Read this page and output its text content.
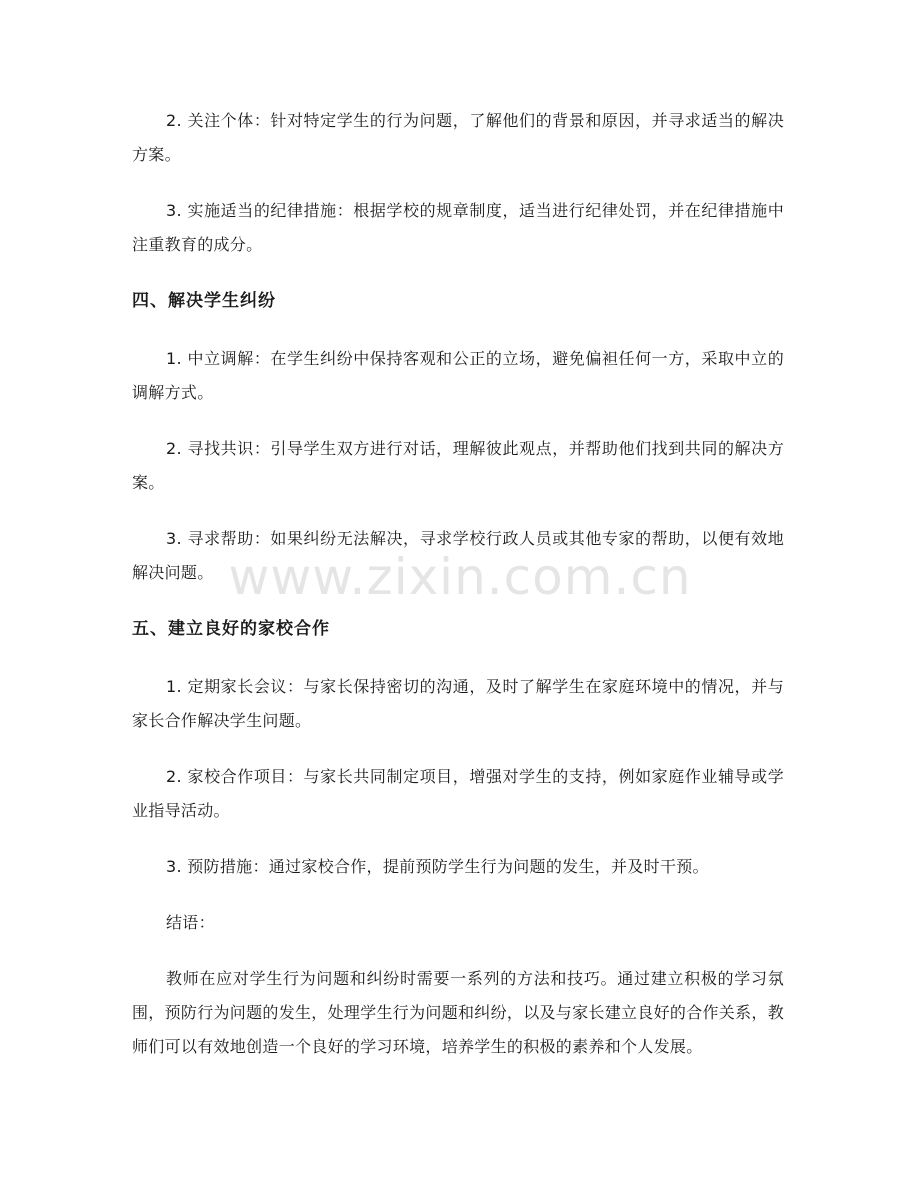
2. 关注个体：针对特定学生的行为问题，了解他们的背景和原因，并寻求适当的解决方案。

3. 实施适当的纪律措施：根据学校的规章制度，适当进行纪律处罚，并在纪律措施中注重教育的成分。

四、解决学生纠纷

1. 中立调解：在学生纠纷中保持客观和公正的立场，避免偏袒任何一方，采取中立的调解方式。

2. 寻找共识：引导学生双方进行对话，理解彼此观点，并帮助他们找到共同的解决方案。

3. 寻求帮助：如果纠纷无法解决，寻求学校行政人员或其他专家的帮助，以便有效地解决问题。

五、建立良好的家校合作

1. 定期家长会议：与家长保持密切的沟通，及时了解学生在家庭环境中的情况，并与家长合作解决学生问题。

2. 家校合作项目：与家长共同制定项目，增强对学生的支持，例如家庭作业辅导或学业指导活动。

3. 预防措施：通过家校合作，提前预防学生行为问题的发生，并及时干预。

结语：

教师在应对学生行为问题和纠纷时需要一系列的方法和技巧。通过建立积极的学习氛围，预防行为问题的发生，处理学生行为问题和纠纷，以及与家长建立良好的合作关系，教师们可以有效地创造一个良好的学习环境，培养学生的积极的素养和个人发展。

www.zixin.com.cn
